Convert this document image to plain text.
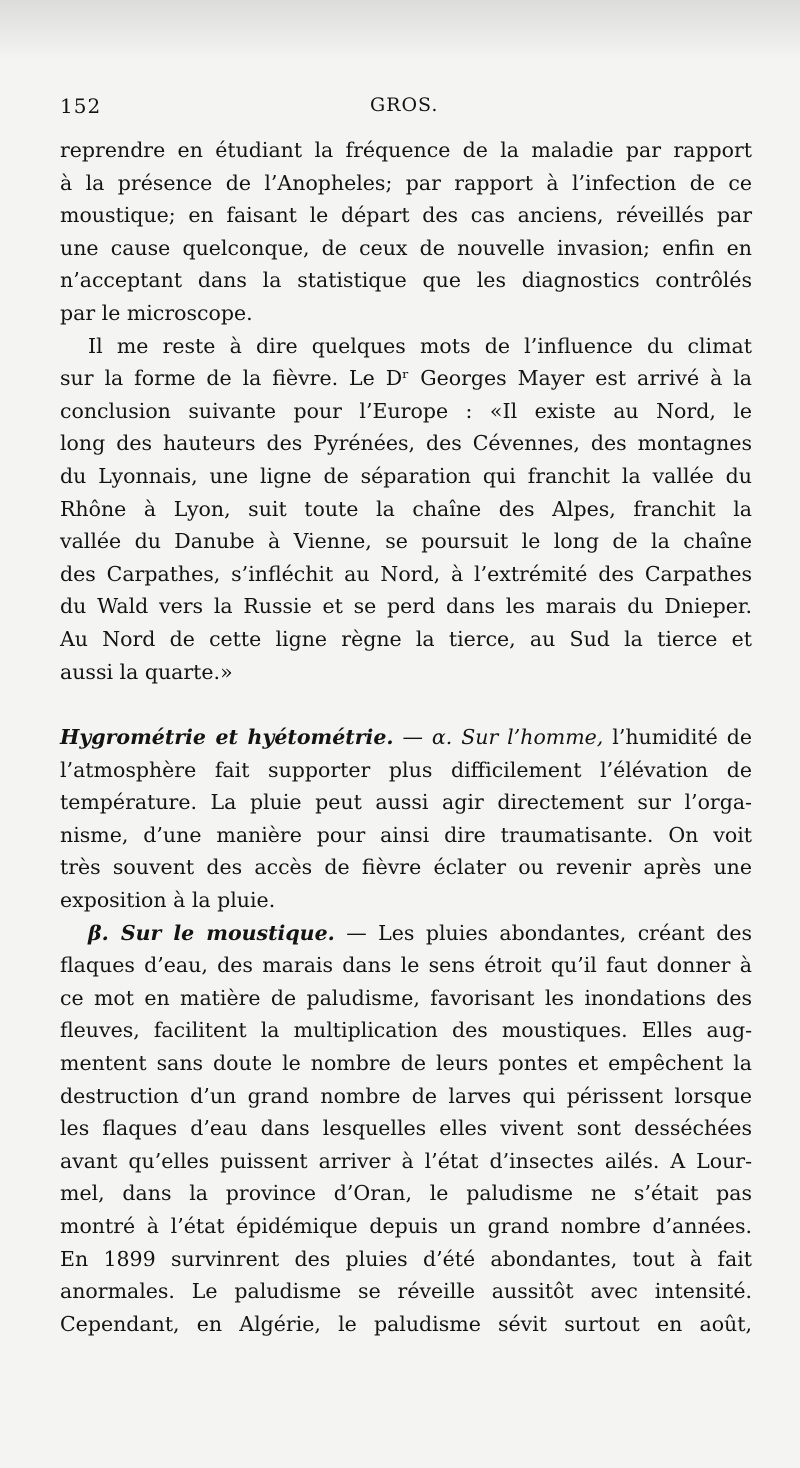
152	GROS.

reprendre en étudiant la fréquence de la maladie par rapport
à la présence de l’Anopheles; par rapport à l’infection de ce
moustique; en faisant le départ des cas anciens, réveillés par
une cause quelconque, de ceux de nouvelle invasion; enfin en
n’acceptant dans la statistique que les diagnostics contrôlés
par le microscope.

Il me reste à dire quelques mots de l’influence du climat
sur la forme de la fièvre. Le Dʳ Georges Mayer est arrivé à la
conclusion suivante pour l’Europe : «Il existe au Nord, le
long des hauteurs des Pyrénées, des Cévennes, des montagnes
du Lyonnais, une ligne de séparation qui franchit la vallée du
Rhône à Lyon, suit toute la chaîne des Alpes, franchit la
vallée du Danube à Vienne, se poursuit le long de la chaîne
des Carpathes, s’infléchit au Nord, à l’extrémité des Carpathes
du Wald vers la Russie et se perd dans les marais du Dnieper.
Au Nord de cette ligne règne la tierce, au Sud la tierce et
aussi la quarte.»

Hygrométrie et hyétométrie. — α. Sur l’homme, l’humidité de
l’atmosphère fait supporter plus difficilement l’élévation de
température. La pluie peut aussi agir directement sur l’orga-
nisme, d’une manière pour ainsi dire traumatisante. On voit
très souvent des accès de fièvre éclater ou revenir après une
exposition à la pluie.

β. Sur le moustique. — Les pluies abondantes, créant des
flaques d’eau, des marais dans le sens étroit qu’il faut donner à
ce mot en matière de paludisme, favorisant les inondations des
fleuves, facilitent la multiplication des moustiques. Elles aug-
mentent sans doute le nombre de leurs pontes et empêchent la
destruction d’un grand nombre de larves qui périssent lorsque
les flaques d’eau dans lesquelles elles vivent sont desséchées
avant qu’elles puissent arriver à l’état d’insectes ailés. A Lour-
mel, dans la province d’Oran, le paludisme ne s’était pas
montré à l’état épidémique depuis un grand nombre d’années.
En 1899 survinrent des pluies d’été abondantes, tout à fait
anormales. Le paludisme se réveille aussitôt avec intensité.
Cependant, en Algérie, le paludisme sévit surtout en août,
